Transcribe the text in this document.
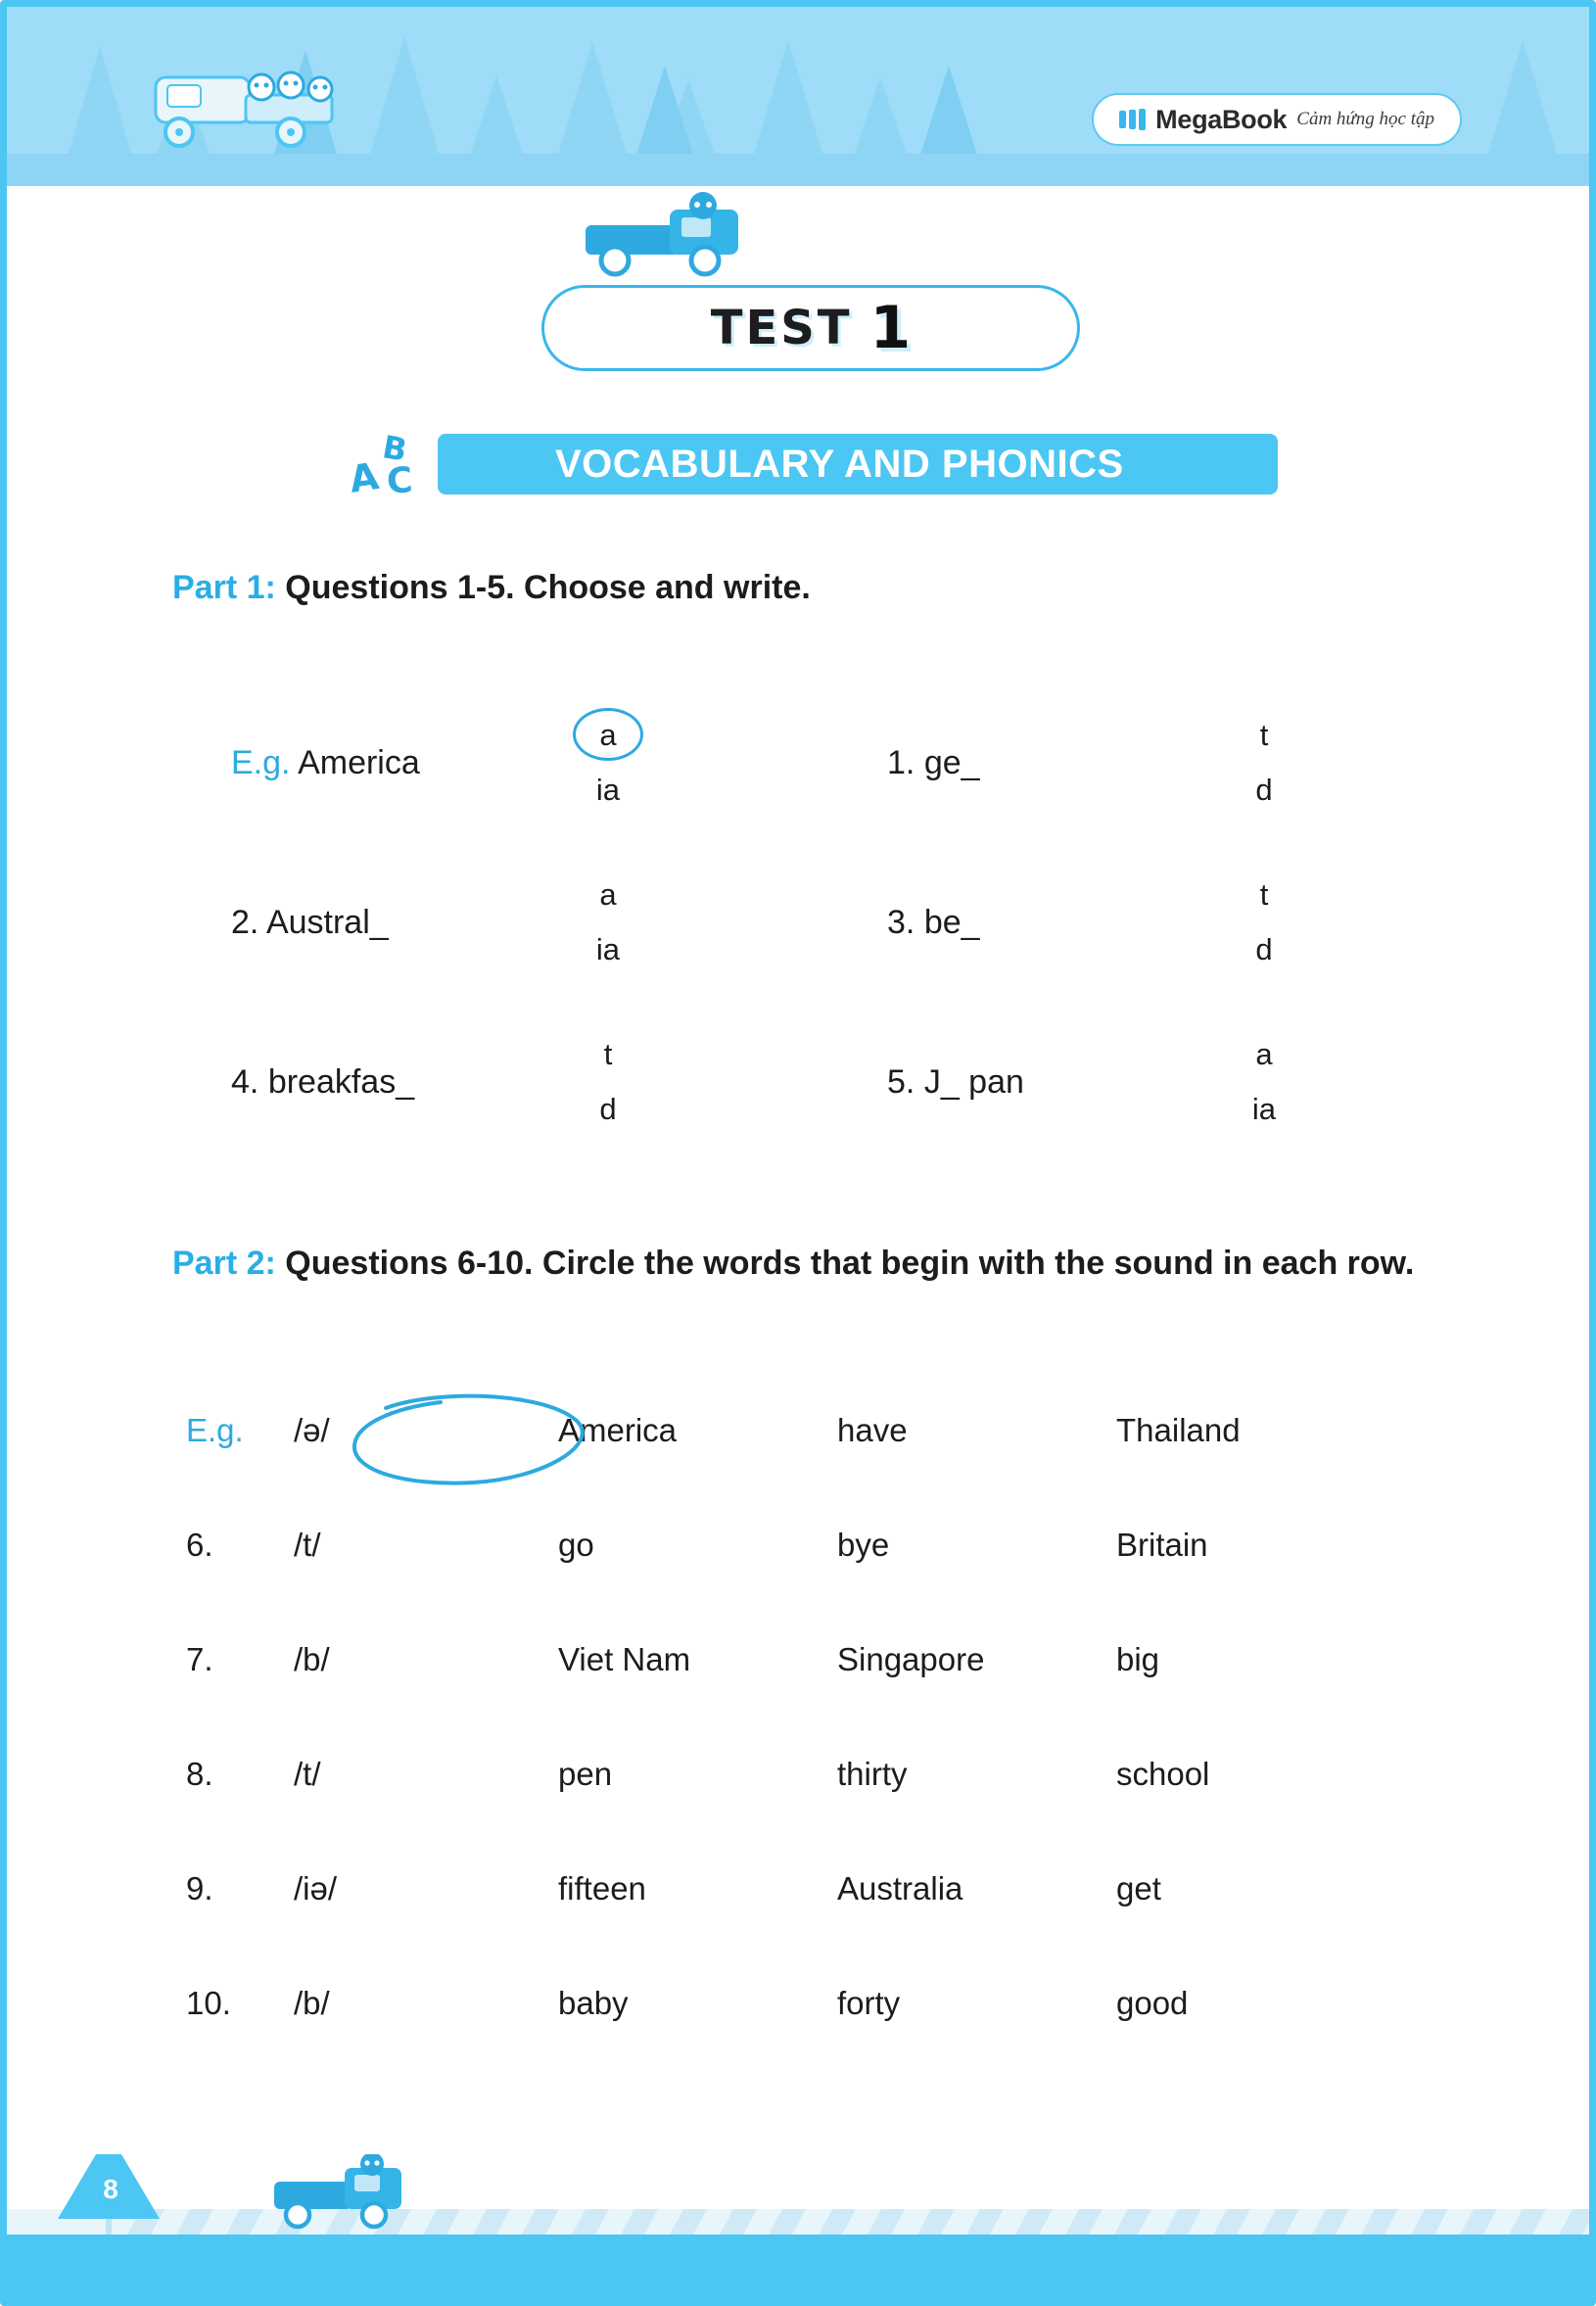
MegaBook Cảm hứng học tập
TEST 1
VOCABULARY AND PHONICS
A
B
C
Part 1: Questions 1-5. Choose and write.
E.g. America
a
ia
1. ge_
t
d
2. Austral_
a
ia
3. be_
t
d
4. breakfas_
t
d
5. J_ pan
a
ia
Part 2: Questions 6-10. Circle the words that begin with the sound in each row.
E.g.	/ə/	America	have	Thailand
6.	/t/	go	bye	Britain
7.	/b/	Viet Nam	Singapore	big
8.	/t/	pen	thirty	school
9.	/iə/	fifteen	Australia	get
10.	/b/	baby	forty	good
8
